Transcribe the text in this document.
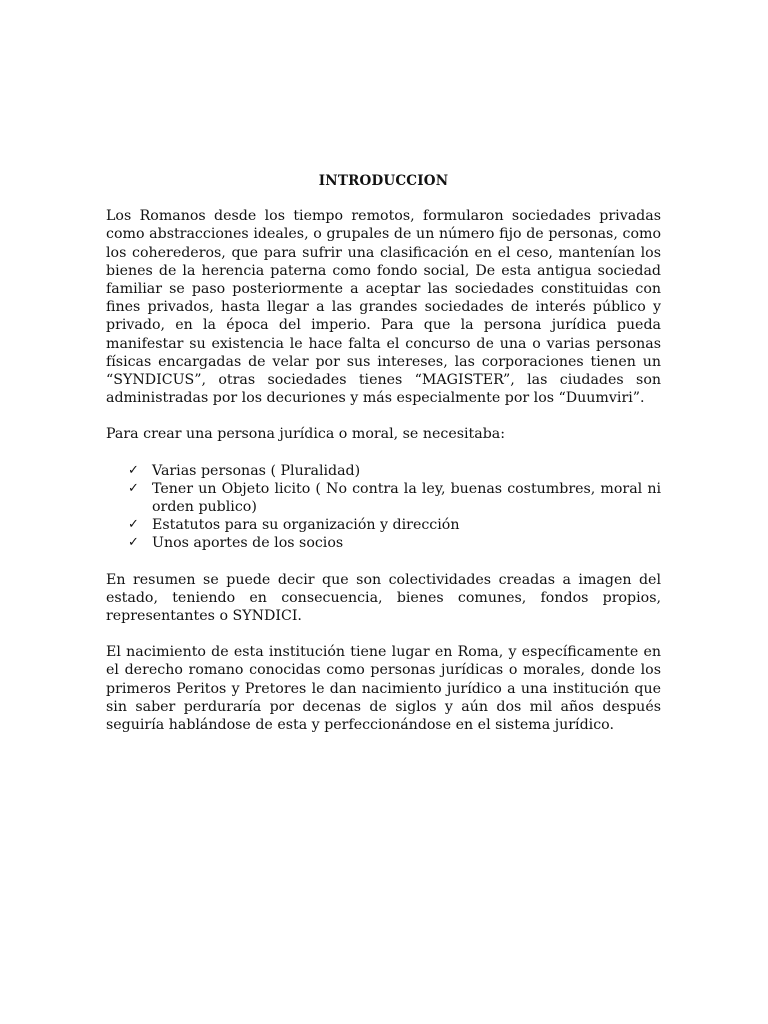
INTRODUCCION

Los Romanos desde los tiempo remotos, formularon sociedades privadas como abstracciones ideales, o grupales de un número fijo de personas, como los coherederos, que para sufrir una clasificación en el ceso, mantenían los bienes de la herencia paterna como fondo social, De esta antigua sociedad familiar se paso posteriormente a aceptar las sociedades constituidas con fines privados, hasta llegar a las grandes sociedades de interés público y privado, en la época del imperio. Para que la persona jurídica pueda manifestar su existencia le hace falta el concurso de una o varias personas físicas encargadas de velar por sus intereses, las corporaciones tienen un “SYNDICUS”, otras sociedades tienes “MAGISTER”, las ciudades son administradas por los decuriones y más especialmente por los “Duumviri”.

Para crear una persona jurídica o moral, se necesitaba:

✓ Varias personas ( Pluralidad)
✓ Tener un Objeto licito ( No contra la ley, buenas costumbres, moral ni orden publico)
✓ Estatutos para su organización y dirección
✓ Unos aportes de los socios

En resumen se puede decir que son colectividades creadas a imagen del estado, teniendo en consecuencia, bienes comunes, fondos propios, representantes o SYNDICI.

El nacimiento de esta institución tiene lugar en Roma, y específicamente en el derecho romano conocidas como personas jurídicas o morales, donde los primeros Peritos y Pretores le dan nacimiento jurídico a una institución que sin saber perduraría por decenas de siglos y aún dos mil años después seguiría hablándose de esta y perfeccionándose en el sistema jurídico.
